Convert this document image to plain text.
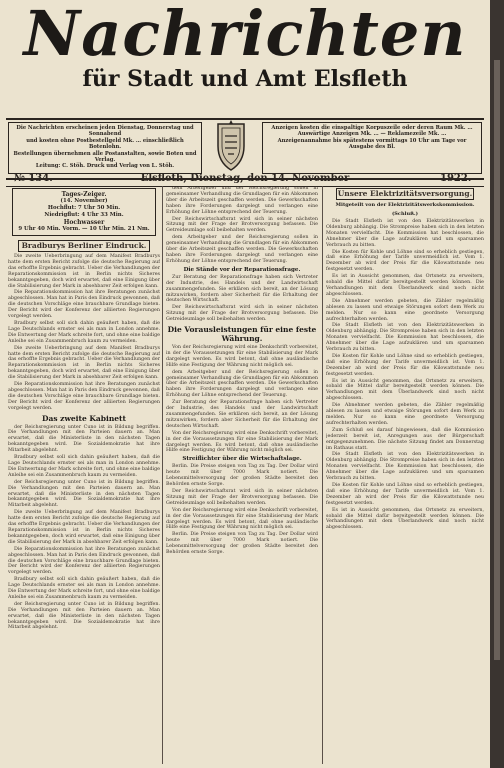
Nachrichten
für Stadt und Amt Elsfleth
Die Nachrichten erscheinen jeden Dienstag, Donnerstag und Sonnabend
und kosten ohne Postbestellgeld Mk. … einschließlich Botenlohn.
Bestellungen übernehmen alle Postanstalten, sowie Boten und Verlag.
Leitung: C. Stöh. Druck und Verlag von L. Stöh.
Anzeigen kosten die einspaltige Korpuszeile oder deren Raum Mk. …
Auswärtige Anzeigen Mk. … — Reklamezeile Mk. …
Anzeigenannahme bis spätestens vormittags 10 Uhr am Tage vor
Ausgabe des Bl.
№ 134.	Elsfleth, Dienstag, den 14. November	1922.
Tages-Zeiger.
(14. November)
Hochflut: 7 Uhr 50 Min.
Niedrigflut: 4 Uhr 33 Min.
Hochwasser
9 Uhr 40 Min. Vorm. — 10 Uhr Min. 21 Nm.
Bradburys Berliner Eindruck.

Die zweite Ueberbringung auf dem Manifest Bradburys hatte dem ersten Bericht zufolge die deutsche Regierung auf das erhoffte Ergebnis gebracht. Ueber die Verhandlungen der Reparationskommission ist in Berlin nichts Sicheres bekanntgegeben, doch wird erwartet, daß eine Einigung über die Stabilisierung der Mark in absehbarer Zeit erfolgen kann.

Die Reparationskommission hat ihre Beratungen zunächst abgeschlossen. Man hat in Paris den Eindruck gewonnen, daß die deutschen Vorschläge eine brauchbare Grundlage bieten. Der Bericht wird der Konferenz der alliierten Regierungen vorgelegt werden.

Bradbury selbst soll sich dahin geäußert haben, daß die Lage Deutschlands ernster sei als man in London annehme. Die Entwertung der Mark schreite fort, und ohne eine baldige Anleihe sei ein Zusammenbruch kaum zu vermeiden.

Die zweite Ueberbringung auf dem Manifest Bradburys hatte dem ersten Bericht zufolge die deutsche Regierung auf das erhoffte Ergebnis gebracht. Ueber die Verhandlungen der Reparationskommission ist in Berlin nichts Sicheres bekanntgegeben, doch wird erwartet, daß eine Einigung über die Stabilisierung der Mark in absehbarer Zeit erfolgen kann.

Die Reparationskommission hat ihre Beratungen zunächst abgeschlossen. Man hat in Paris den Eindruck gewonnen, daß die deutschen Vorschläge eine brauchbare Grundlage bieten. Der Bericht wird der Konferenz der alliierten Regierungen vorgelegt werden.

Das zweite Kabinett

der Reichsregierung unter Cuno ist in Bildung begriffen. Die Verhandlungen mit den Parteien dauern an. Man erwartet, daß die Ministerliste in den nächsten Tagen bekanntgegeben wird. Die Sozialdemokratie hat ihre Mitarbeit abgelehnt.

Bradbury selbst soll sich dahin geäußert haben, daß die Lage Deutschlands ernster sei als man in London annehme. Die Entwertung der Mark schreite fort, und ohne eine baldige Anleihe sei ein Zusammenbruch kaum zu vermeiden.

der Reichsregierung unter Cuno ist in Bildung begriffen. Die Verhandlungen mit den Parteien dauern an. Man erwartet, daß die Ministerliste in den nächsten Tagen bekanntgegeben wird. Die Sozialdemokratie hat ihre Mitarbeit abgelehnt.

Die zweite Ueberbringung auf dem Manifest Bradburys hatte dem ersten Bericht zufolge die deutsche Regierung auf das erhoffte Ergebnis gebracht. Ueber die Verhandlungen der Reparationskommission ist in Berlin nichts Sicheres bekanntgegeben, doch wird erwartet, daß eine Einigung über die Stabilisierung der Mark in absehbarer Zeit erfolgen kann.

Die Reparationskommission hat ihre Beratungen zunächst abgeschlossen. Man hat in Paris den Eindruck gewonnen, daß die deutschen Vorschläge eine brauchbare Grundlage bieten. Der Bericht wird der Konferenz der alliierten Regierungen vorgelegt werden.

Bradbury selbst soll sich dahin geäußert haben, daß die Lage Deutschlands ernster sei als man in London annehme. Die Entwertung der Mark schreite fort, und ohne eine baldige Anleihe sei ein Zusammenbruch kaum zu vermeiden.

der Reichsregierung unter Cuno ist in Bildung begriffen. Die Verhandlungen mit den Parteien dauern an. Man erwartet, daß die Ministerliste in den nächsten Tagen bekanntgegeben wird. Die Sozialdemokratie hat ihre Mitarbeit abgelehnt.

dem Arbeitgeber und der Reichsregierung sollen in gemeinsamer Verhandlung die Grundlagen für ein Abkommen über die Arbeitszeit geschaffen werden. Die Gewerkschaften haben ihre Forderungen dargelegt und verlangen eine Erhöhung der Löhne entsprechend der Teuerung.

Der Reichswirtschaftsrat wird sich in seiner nächsten Sitzung mit der Frage der Brotversorgung befassen. Die Getreideumlage soll beibehalten werden.

dem Arbeitgeber und der Reichsregierung sollen in gemeinsamer Verhandlung die Grundlagen für ein Abkommen über die Arbeitszeit geschaffen werden. Die Gewerkschaften haben ihre Forderungen dargelegt und verlangen eine Erhöhung der Löhne entsprechend der Teuerung.

Die Stände vor der Reparationsfrage.

Zur Beratung der Reparationsfrage haben sich Vertreter der Industrie, des Handels und der Landwirtschaft zusammengefunden. Sie erklären sich bereit, an der Lösung mitzuwirken, fordern aber Sicherheit für die Erhaltung der deutschen Wirtschaft.

Der Reichswirtschaftsrat wird sich in seiner nächsten Sitzung mit der Frage der Brotversorgung befassen. Die Getreideumlage soll beibehalten werden.

Die Vorausleistungen für eine feste Währung.

Von der Reichsregierung wird eine Denkschrift vorbereitet, in der die Voraussetzungen für eine Stabilisierung der Mark dargelegt werden. Es wird betont, daß ohne ausländische Hilfe eine Festigung der Währung nicht möglich sei.

dem Arbeitgeber und der Reichsregierung sollen in gemeinsamer Verhandlung die Grundlagen für ein Abkommen über die Arbeitszeit geschaffen werden. Die Gewerkschaften haben ihre Forderungen dargelegt und verlangen eine Erhöhung der Löhne entsprechend der Teuerung.

Zur Beratung der Reparationsfrage haben sich Vertreter der Industrie, des Handels und der Landwirtschaft zusammengefunden. Sie erklären sich bereit, an der Lösung mitzuwirken, fordern aber Sicherheit für die Erhaltung der deutschen Wirtschaft.

Von der Reichsregierung wird eine Denkschrift vorbereitet, in der die Voraussetzungen für eine Stabilisierung der Mark dargelegt werden. Es wird betont, daß ohne ausländische Hilfe eine Festigung der Währung nicht möglich sei.

Streiflichter über die Wirtschaftslage.

Berlin. Die Preise steigen von Tag zu Tag. Der Dollar wird heute mit über 7000 Mark notiert. Die Lebensmittelversorgung der großen Städte bereitet den Behörden ernste Sorge.

Der Reichswirtschaftsrat wird sich in seiner nächsten Sitzung mit der Frage der Brotversorgung befassen. Die Getreideumlage soll beibehalten werden.

Von der Reichsregierung wird eine Denkschrift vorbereitet, in der die Voraussetzungen für eine Stabilisierung der Mark dargelegt werden. Es wird betont, daß ohne ausländische Hilfe eine Festigung der Währung nicht möglich sei.

Berlin. Die Preise steigen von Tag zu Tag. Der Dollar wird heute mit über 7000 Mark notiert. Die Lebensmittelversorgung der großen Städte bereitet den Behörden ernste Sorge.

Unsere Elektrizitätsversorgung.
Mitgeteilt von der Elektrizitätswerkskommission.
(Schluß.)

Die Stadt Elsfleth ist von den Elektrizitätswerken in Oldenburg abhängig. Die Strompreise haben sich in den letzten Monaten vervielfacht. Die Kommission hat beschlossen, die Abnehmer über die Lage aufzuklären und um sparsamen Verbrauch zu bitten.

Die Kosten für Kohle und Löhne sind so erheblich gestiegen, daß eine Erhöhung der Tarife unvermeidlich ist. Vom 1. Dezember ab wird der Preis für die Kilowattstunde neu festgesetzt werden.

Es ist in Aussicht genommen, das Ortsnetz zu erweitern, sobald die Mittel dafür bereitgestellt werden können. Die Verhandlungen mit dem Überlandwerk sind noch nicht abgeschlossen.

Die Abnehmer werden gebeten, die Zähler regelmäßig ablesen zu lassen und etwaige Störungen sofort dem Werk zu melden. Nur so kann eine geordnete Versorgung aufrechterhalten werden.

Die Stadt Elsfleth ist von den Elektrizitätswerken in Oldenburg abhängig. Die Strompreise haben sich in den letzten Monaten vervielfacht. Die Kommission hat beschlossen, die Abnehmer über die Lage aufzuklären und um sparsamen Verbrauch zu bitten.

Die Kosten für Kohle und Löhne sind so erheblich gestiegen, daß eine Erhöhung der Tarife unvermeidlich ist. Vom 1. Dezember ab wird der Preis für die Kilowattstunde neu festgesetzt werden.

Es ist in Aussicht genommen, das Ortsnetz zu erweitern, sobald die Mittel dafür bereitgestellt werden können. Die Verhandlungen mit dem Überlandwerk sind noch nicht abgeschlossen.

Die Abnehmer werden gebeten, die Zähler regelmäßig ablesen zu lassen und etwaige Störungen sofort dem Werk zu melden. Nur so kann eine geordnete Versorgung aufrechterhalten werden.

Zum Schluß sei darauf hingewiesen, daß die Kommission jederzeit bereit ist, Anregungen aus der Bürgerschaft entgegenzunehmen. Die nächste Sitzung findet am Donnerstag im Rathaus statt.

Die Stadt Elsfleth ist von den Elektrizitätswerken in Oldenburg abhängig. Die Strompreise haben sich in den letzten Monaten vervielfacht. Die Kommission hat beschlossen, die Abnehmer über die Lage aufzuklären und um sparsamen Verbrauch zu bitten.

Die Kosten für Kohle und Löhne sind so erheblich gestiegen, daß eine Erhöhung der Tarife unvermeidlich ist. Vom 1. Dezember ab wird der Preis für die Kilowattstunde neu festgesetzt werden.

Es ist in Aussicht genommen, das Ortsnetz zu erweitern, sobald die Mittel dafür bereitgestellt werden können. Die Verhandlungen mit dem Überlandwerk sind noch nicht abgeschlossen.
